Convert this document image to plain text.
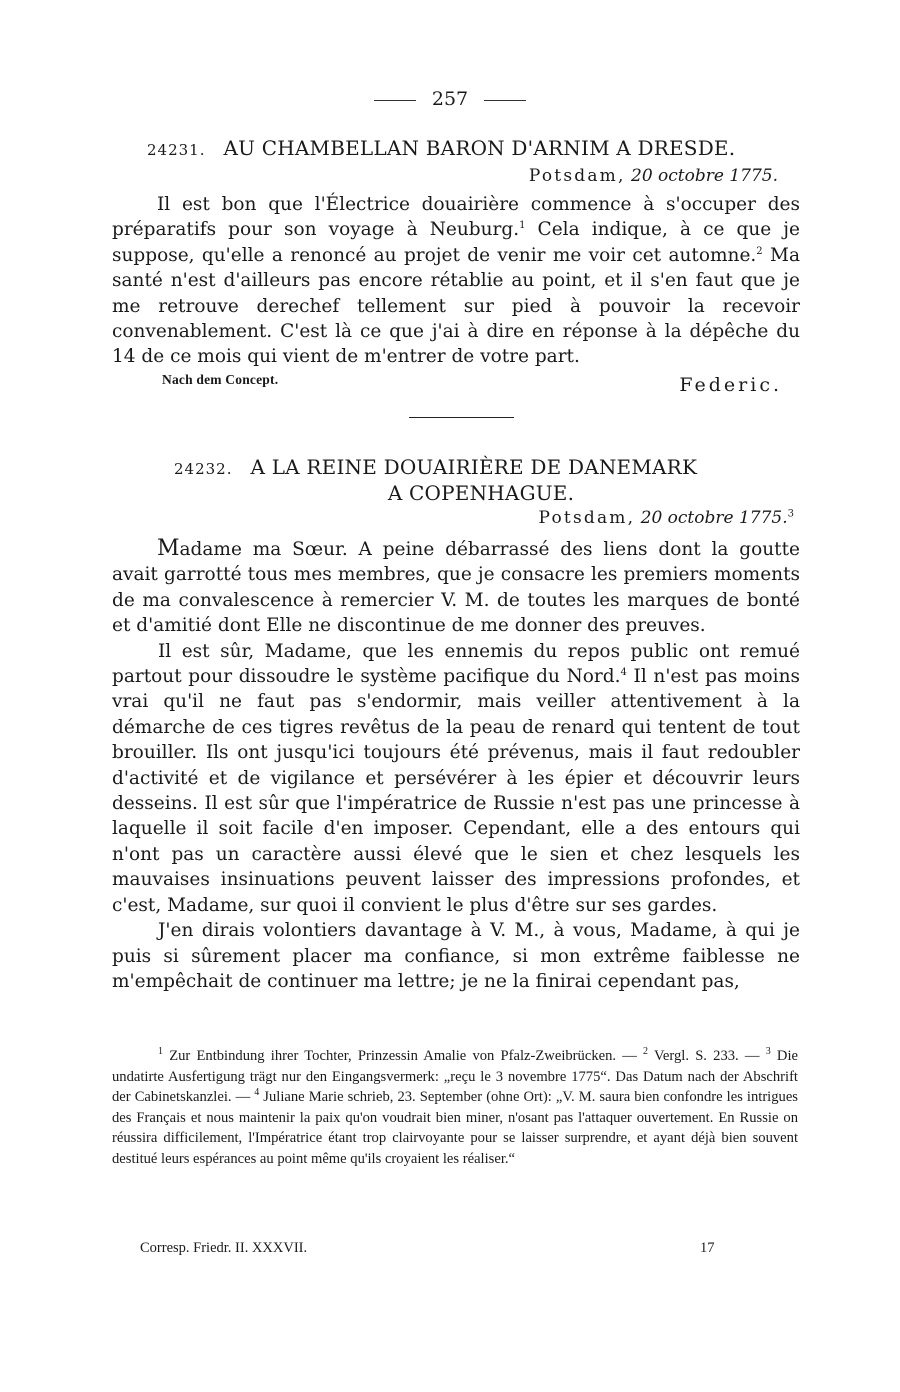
257
24231. AU CHAMBELLAN BARON D'ARNIM A DRESDE.
Potsdam, 20 octobre 1775.

Il est bon que l'Électrice douairière commence à s'occuper des préparatifs pour son voyage à Neuburg.$^1$ Cela indique, à ce que je suppose, qu'elle a renoncé au projet de venir me voir cet automne.$^2$ Ma santé n'est d'ailleurs pas encore rétablie au point, et il s'en faut que je me retrouve derechef tellement sur pied à pouvoir la recevoir convenablement. C'est là ce que j'ai à dire en réponse à la dépêche du 14 de ce mois qui vient de m'entrer de votre part.

Nach dem Concept.	Federic.
24232. A LA REINE DOUAIRIÈRE DE DANEMARK
A COPENHAGUE.
Potsdam, 20 octobre 1775.$^3$

Madame ma Sœur. A peine débarrassé des liens dont la goutte avait garrotté tous mes membres, que je consacre les premiers moments de ma convalescence à remercier V. M. de toutes les marques de bonté et d'amitié dont Elle ne discontinue de me donner des preuves.

Il est sûr, Madame, que les ennemis du repos public ont remué partout pour dissoudre le système pacifique du Nord.$^4$ Il n'est pas moins vrai qu'il ne faut pas s'endormir, mais veiller attentivement à la démarche de ces tigres revêtus de la peau de renard qui tentent de tout brouiller. Ils ont jusqu'ici toujours été prévenus, mais il faut redoubler d'activité et de vigilance et persévérer à les épier et découvrir leurs desseins. Il est sûr que l'impératrice de Russie n'est pas une princesse à laquelle il soit facile d'en imposer. Cependant, elle a des entours qui n'ont pas un caractère aussi élevé que le sien et chez lesquels les mauvaises insinuations peuvent laisser des impressions profondes, et c'est, Madame, sur quoi il convient le plus d'être sur ses gardes.

J'en dirais volontiers davantage à V. M., à vous, Madame, à qui je puis si sûrement placer ma confiance, si mon extrême faiblesse ne m'empêchait de continuer ma lettre; je ne la finirai cependant pas,

$^1$ Zur Entbindung ihrer Tochter, Prinzessin Amalie von Pfalz-Zweibrücken. — $^2$ Vergl. S. 233. — $^3$ Die undatirte Ausfertigung trägt nur den Eingangsvermerk: „reçu le 3 novembre 1775“. Das Datum nach der Abschrift der Cabinetskanzlei. — $^4$ Juliane Marie schrieb, 23. September (ohne Ort): „V. M. saura bien confondre les intrigues des Français et nous maintenir la paix qu'on voudrait bien miner, n'osant pas l'attaquer ouvertement. En Russie on réussira difficilement, l'Impératrice étant trop clairvoyante pour se laisser surprendre, et ayant déjà bien souvent destitué leurs espérances au point même qu'ils croyaient les réaliser.“

Corresp. Friedr. II. XXXVII.	17
